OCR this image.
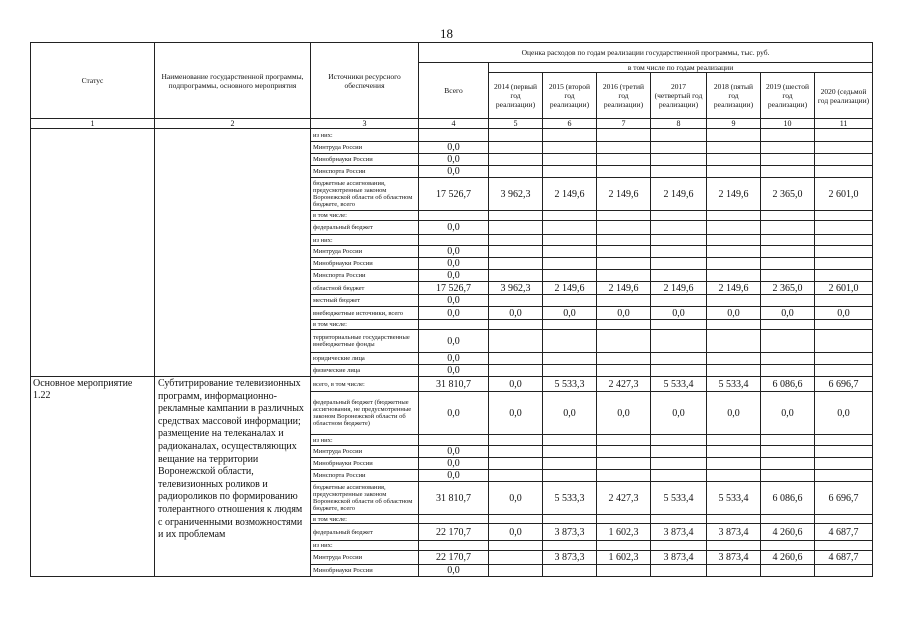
18
Статус	Наименование государственной программы, подпрограммы, основного мероприятия	Источники ресурсного обеспечения	Оценка расходов по годам реализации государственной программы, тыс. руб.							
			Всего	в том числе по годам реализации						
				2014 (первый год реализации)	2015 (второй год реализации)	2016 (третий год реализации)	2017 (четвертый год реализации)	2018 (пятый год реализации)	2019 (шестой год реализации)	2020 (седьмой год реализации)
1	2	3	4	5	6	7	8	9	10	11
		из них:								
		Минтруда России	0,0							
		Минобрнауки России	0,0							
		Минспорта России	0,0							
		бюджетные ассигнования, предусмотренные законом Воронежской области об областном бюджете, всего	17 526,7	3 962,3	2 149,6	2 149,6	2 149,6	2 149,6	2 365,0	2 601,0
		в том числе:								
		федеральный бюджет	0,0							
		из них:								
		Минтруда России	0,0							
		Минобрнауки России	0,0							
		Минспорта России	0,0							
		областной бюджет	17 526,7	3 962,3	2 149,6	2 149,6	2 149,6	2 149,6	2 365,0	2 601,0
		местный бюджет	0,0							
		внебюджетные источники, всего	0,0	0,0	0,0	0,0	0,0	0,0	0,0	0,0
		в том числе:								
		территориальные государственные внебюджетные фонды	0,0							
		юридические лица	0,0							
		физические лица	0,0							
Основное мероприятие 1.22	Субтитрирование телевизионных программ, информационно-рекламные кампании в различных средствах массовой информации; размещение на телеканалах и радиоканалах, осуществляющих вещание на территории Воронежской области, телевизионных роликов и радиороликов по формированию толерантного отношения к людям с ограниченными возможностями и их проблемам	всего, в том числе:	31 810,7	0,0	5 533,3	2 427,3	5 533,4	5 533,4	6 086,6	6 696,7
		федеральный бюджет (бюджетные ассигнования, не предусмотренные законом Воронежской области об областном бюджете)	0,0	0,0	0,0	0,0	0,0	0,0	0,0	0,0
		из них:								
		Минтруда России	0,0							
		Минобрнауки России	0,0							
		Минспорта России	0,0							
		бюджетные ассигнования, предусмотренные законом Воронежской области об областном бюджете, всего	31 810,7	0,0	5 533,3	2 427,3	5 533,4	5 533,4	6 086,6	6 696,7
		в том числе:								
		федеральный бюджет	22 170,7	0,0	3 873,3	1 602,3	3 873,4	3 873,4	4 260,6	4 687,7
		из них:								
		Минтруда России	22 170,7		3 873,3	1 602,3	3 873,4	3 873,4	4 260,6	4 687,7
		Минобрнауки России	0,0							
